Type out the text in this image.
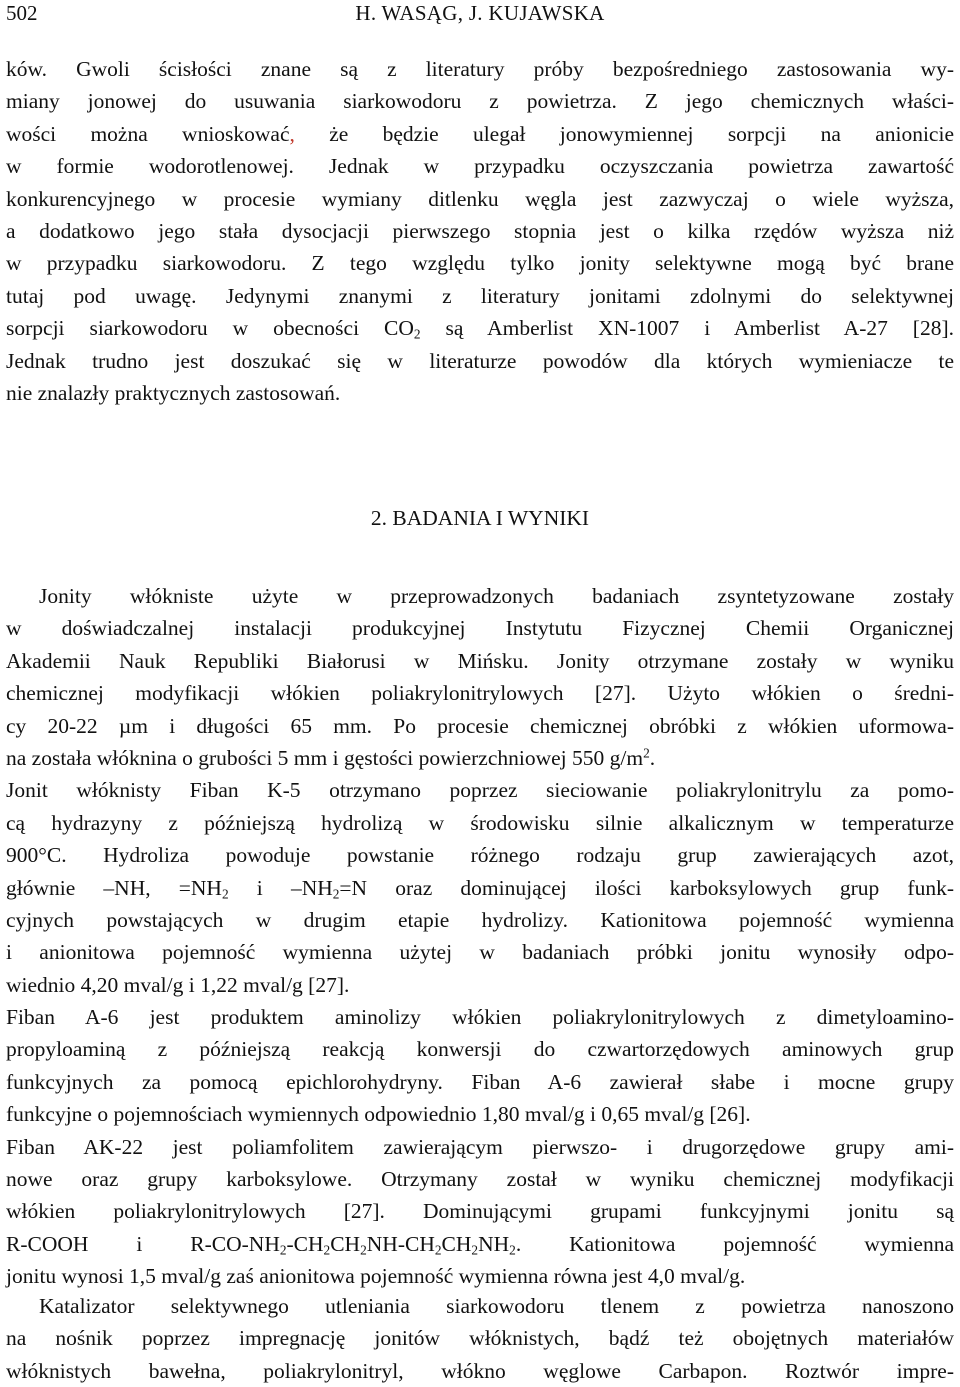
502	H. WASĄG, J. KUJAWSKA
ków. Gwoli ścisłości znane są z literatury próby bezpośredniego zastosowania wy-
miany jonowej do usuwania siarkowodoru z powietrza. Z jego chemicznych właści-
wości można wnioskować, że będzie ulegał jonowymiennej sorpcji na anionicie
w formie wodorotlenowej. Jednak w przypadku oczyszczania powietrza zawartość
konkurencyjnego w procesie wymiany ditlenku węgla jest zazwyczaj o wiele wyższa,
a dodatkowo jego stała dysocjacji pierwszego stopnia jest o kilka rzędów wyższa niż
w przypadku siarkowodoru. Z tego względu tylko jonity selektywne mogą być brane
tutaj pod uwagę. Jedynymi znanymi z literatury jonitami zdolnymi do selektywnej
sorpcji siarkowodoru w obecności $CO_2$ są Amberlist XN-1007 i Amberlist A-27 [28].
Jednak trudno jest doszukać się w literaturze powodów dla których wymieniacze te
nie znalazły praktycznych zastosowań.
2. BADANIA I WYNIKI
Jonity włókniste użyte w przeprowadzonych badaniach zsyntetyzowane zostały
w doświadczalnej instalacji produkcyjnej Instytutu Fizycznej Chemii Organicznej
Akademii Nauk Republiki Białorusi w Mińsku. Jonity otrzymane zostały w wyniku
chemicznej modyfikacji włókien poliakrylonitrylowych [27]. Użyto włókien o średni-
cy 20-22 µm i długości 65 mm. Po procesie chemicznej obróbki z włókien uformowa-
na została włóknina o grubości 5 mm i gęstości powierzchniowej 550 $g/m^2$.
Jonit włóknisty Fiban K-5 otrzymano poprzez sieciowanie poliakrylonitrylu za pomo-
cą hydrazyny z późniejszą hydrolizą w środowisku silnie alkalicznym w temperaturze
900°C. Hydroliza powoduje powstanie różnego rodzaju grup zawierających azot,
głównie –NH, $=NH_2$ i $-NH_2=N$ oraz dominującej ilości karboksylowych grup funk-
cyjnych powstających w drugim etapie hydrolizy. Kationitowa pojemność wymienna
i anionitowa pojemność wymienna użytej w badaniach próbki jonitu wynosiły odpo-
wiednio 4,20 mval/g i 1,22 mval/g [27].
Fiban A-6 jest produktem aminolizy włókien poliakrylonitrylowych z dimetyloamino-
propyloaminą z późniejszą reakcją konwersji do czwartorzędowych aminowych grup
funkcyjnych za pomocą epichlorohydryny. Fiban A-6 zawierał słabe i mocne grupy
funkcyjne o pojemnościach wymiennych odpowiednio 1,80 mval/g i 0,65 mval/g [26].
Fiban AK-22 jest poliamfolitem zawierającym pierwszo- i drugorzędowe grupy ami-
nowe oraz grupy karboksylowe. Otrzymany został w wyniku chemicznej modyfikacji
włókien poliakrylonitrylowych [27]. Dominującymi grupami funkcyjnymi jonitu są
R-COOH i $R-CO-NH_2-CH_2CH_2NH-CH_2CH_2NH_2$. Kationitowa pojemność wymienna
jonitu wynosi 1,5 mval/g zaś anionitowa pojemność wymienna równa jest 4,0 mval/g.
Katalizator selektywnego utleniania siarkowodoru tlenem z powietrza nanoszono
na nośnik poprzez impregnację jonitów włóknistych, bądź też obojętnych materiałów
włóknistych bawełna, poliakrylonitryl, włókno węglowe Carbapon. Roztwór impre-
